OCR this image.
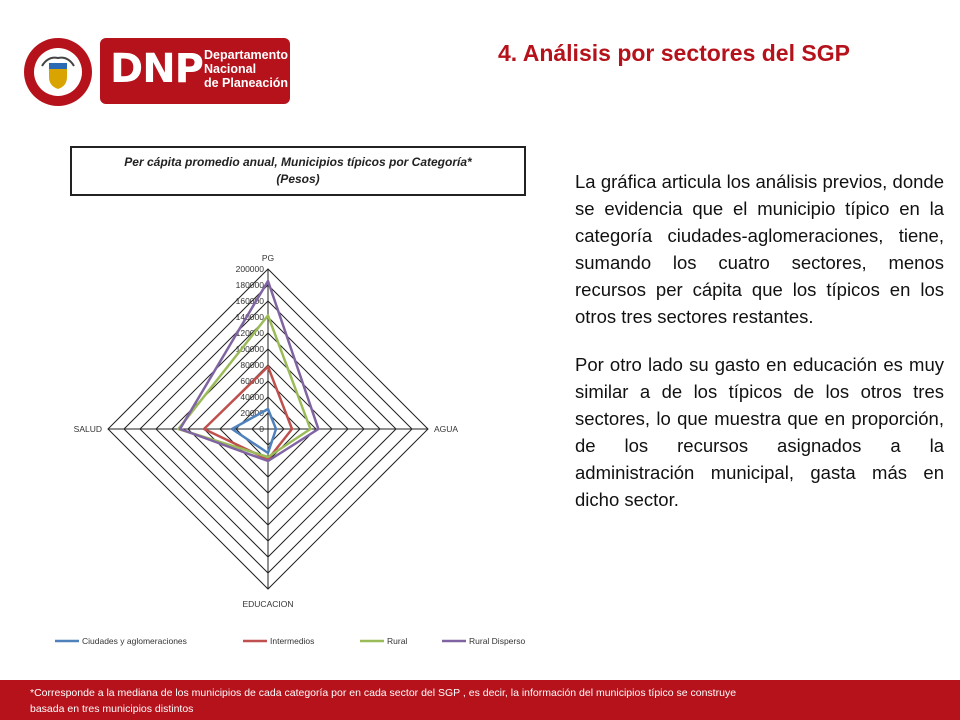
DNP Departamento
Nacional
de Planeación
4. Análisis por sectores del SGP
Per cápita promedio anual, Municipios típicos por Categoría*
(Pesos)
0
20000
40000
60000
80000
100000
120000
140000
160000
180000
200000
PG
AGUA
EDUCACION
SALUD
Ciudades y aglomeraciones	Intermedios	Rural	Rural Disperso

La gráfica articula los análisis previos, donde se evidencia que el municipio típico en la categoría ciudades-aglomeraciones, tiene, sumando los cuatro sectores, menos recursos per cápita que los típicos en los otros tres sectores restantes.

Por otro lado su gasto en educación es muy similar a de los típicos de los otros tres sectores, lo que muestra que en proporción, de los recursos asignados a la administración municipal, gasta más en dicho sector.

*Corresponde a la mediana de los municipios de cada categoría por en cada sector del SGP , es decir, la información del municipios típico se construye
basada en tres municipios distintos
